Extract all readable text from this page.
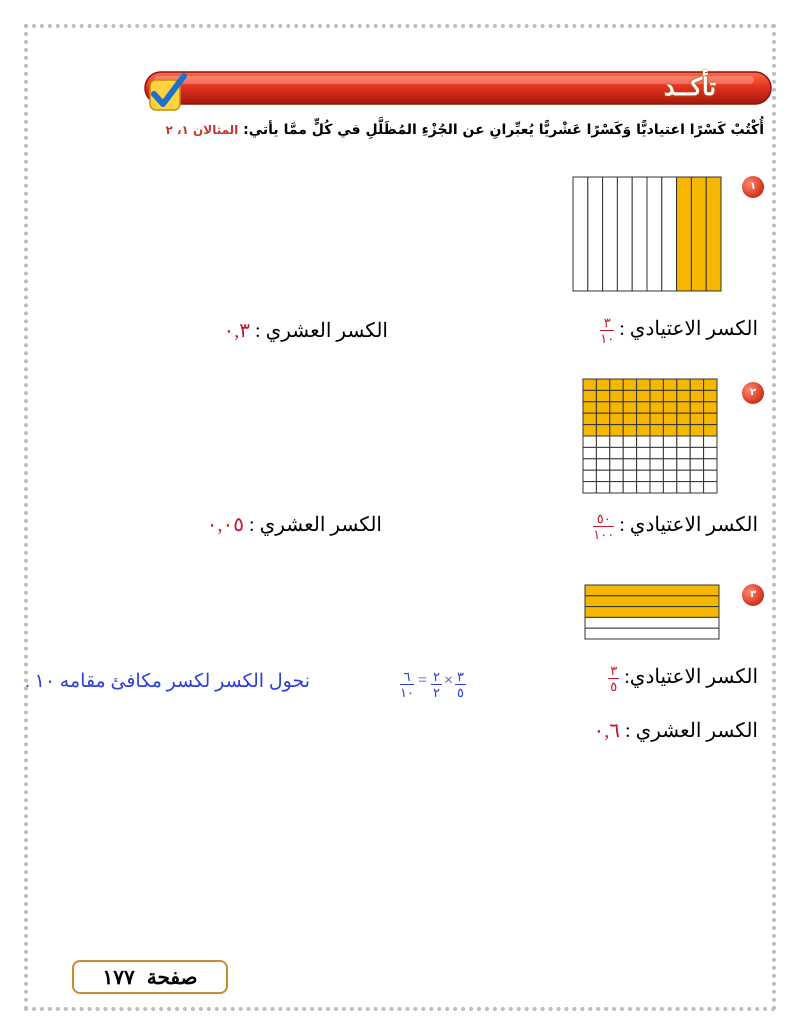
تأكــد
أُكْتُبْ كَسْرًا اعتياديًّا وَكَسْرًا عَشْريًّا يُعبِّرانِ عن الجُزْءِ المُظَلَّلِ في كُلٍّ ممَّا يأتي: المثالان ١، ٢
١
الكسر الاعتيادي :
$\frac{٣}{١٠}$
الكسر العشري : ٠,٣
٢
الكسر الاعتيادي :
$\frac{٥٠}{١٠٠}$
الكسر العشري : ٠,٠٥
٣
الكسر الاعتيادي:
$\frac{٣}{٥}$
$\frac{٣}{٥}$
×
$\frac{٢}{٢}$
=
$\frac{٦}{١٠}$
نحول الكسر لكسر مكافئ مقامه ١٠ .
الكسر العشري : ٠,٦
صفحة
١٧٧
